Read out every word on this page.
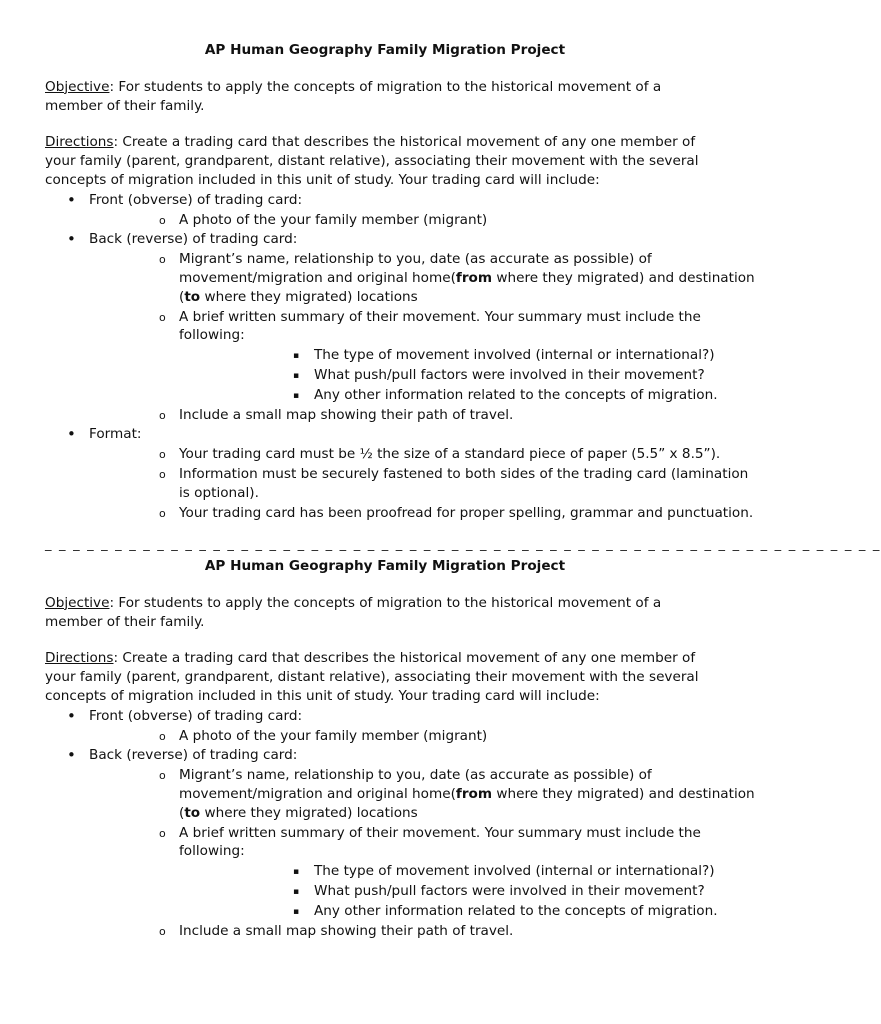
AP Human Geography Family Migration Project

Objective: For students to apply the concepts of migration to the historical movement of a
member of their family.

Directions: Create a trading card that describes the historical movement of any one member of
your family (parent, grandparent, distant relative), associating their movement with the several
concepts of migration included in this unit of study. Your trading card will include:

• Front (obverse) of trading card:
o A photo of the your family member (migrant)
• Back (reverse) of trading card:
o Migrant’s name, relationship to you, date (as accurate as possible) of
movement/migration and original home(from where they migrated) and destination
(to where they migrated) locations
o A brief written summary of their movement. Your summary must include the
following:
▪ The type of movement involved (internal or international?)
▪ What push/pull factors were involved in their movement?
▪ Any other information related to the concepts of migration.
o Include a small map showing their path of travel.
• Format:
o Your trading card must be ½ the size of a standard piece of paper (5.5” x 8.5”).
o Information must be securely fastened to both sides of the trading card (lamination
is optional).
o Your trading card has been proofread for proper spelling, grammar and punctuation.
_ _ _ _ _ _ _ _ _ _ _ _ _ _ _ _ _ _ _ _ _ _ _ _ _ _ _ _ _ _ _ _ _ _ _ _ _ _ _ _ _ _ _ _ _ _ _ _ _ _ _ _ _ _ _ _ _ _ _ _
AP Human Geography Family Migration Project

Objective: For students to apply the concepts of migration to the historical movement of a
member of their family.

Directions: Create a trading card that describes the historical movement of any one member of
your family (parent, grandparent, distant relative), associating their movement with the several
concepts of migration included in this unit of study. Your trading card will include:

• Front (obverse) of trading card:
o A photo of the your family member (migrant)
• Back (reverse) of trading card:
o Migrant’s name, relationship to you, date (as accurate as possible) of
movement/migration and original home(from where they migrated) and destination
(to where they migrated) locations
o A brief written summary of their movement. Your summary must include the
following:
▪ The type of movement involved (internal or international?)
▪ What push/pull factors were involved in their movement?
▪ Any other information related to the concepts of migration.
o Include a small map showing their path of travel.
